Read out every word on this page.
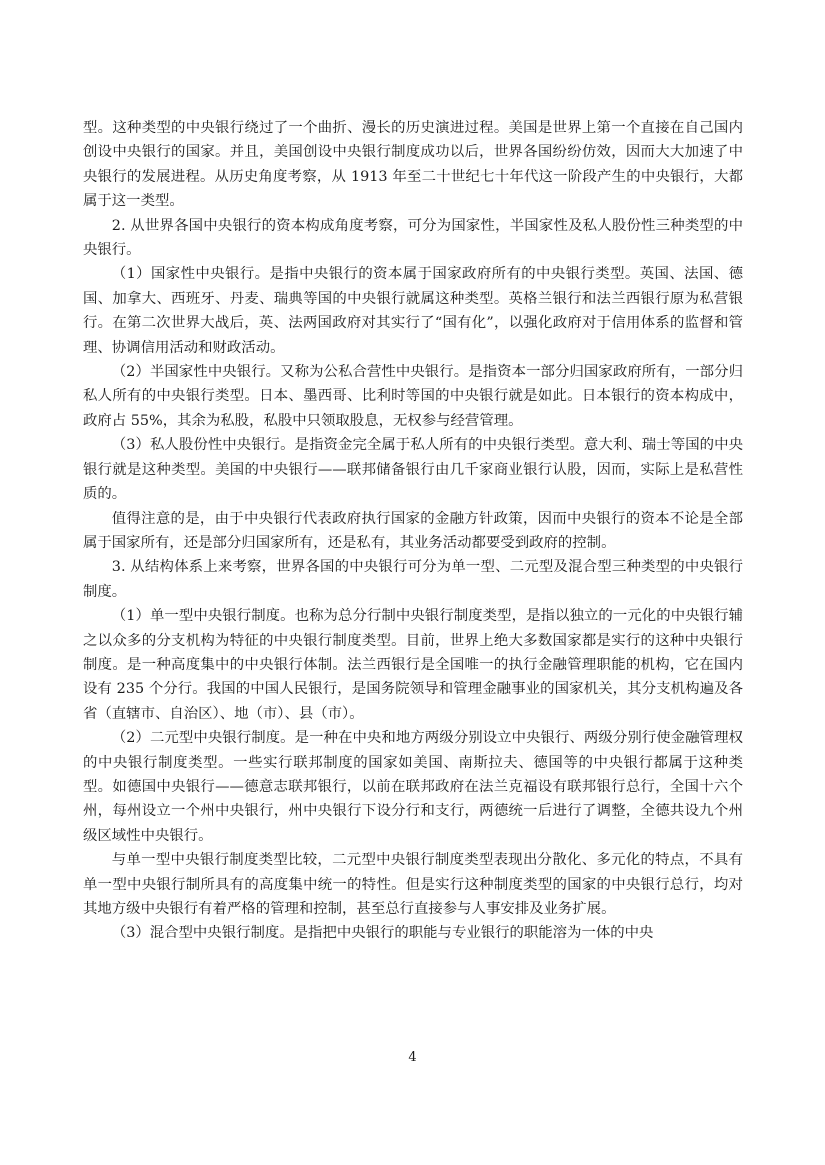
型。这种类型的中央银行绕过了一个曲折、漫长的历史演进过程。美国是世界上第一个直接在自己国内创设中央银行的国家。并且，美国创设中央银行制度成功以后，世界各国纷纷仿效，因而大大加速了中央银行的发展进程。从历史角度考察，从 1913 年至二十世纪七十年代这一阶段产生的中央银行，大都属于这一类型。

2. 从世界各国中央银行的资本构成角度考察，可分为国家性，半国家性及私人股份性三种类型的中央银行。

（1）国家性中央银行。是指中央银行的资本属于国家政府所有的中央银行类型。英国、法国、德国、加拿大、西班牙、丹麦、瑞典等国的中央银行就属这种类型。英格兰银行和法兰西银行原为私营银行。在第二次世界大战后，英、法两国政府对其实行了“国有化”，以强化政府对于信用体系的监督和管理、协调信用活动和财政活动。

（2）半国家性中央银行。又称为公私合营性中央银行。是指资本一部分归国家政府所有，一部分归私人所有的中央银行类型。日本、墨西哥、比利时等国的中央银行就是如此。日本银行的资本构成中，政府占 55%，其余为私股，私股中只领取股息，无权参与经营管理。

（3）私人股份性中央银行。是指资金完全属于私人所有的中央银行类型。意大利、瑞士等国的中央银行就是这种类型。美国的中央银行——联邦储备银行由几千家商业银行认股，因而，实际上是私营性质的。

值得注意的是，由于中央银行代表政府执行国家的金融方针政策，因而中央银行的资本不论是全部属于国家所有，还是部分归国家所有，还是私有，其业务活动都要受到政府的控制。

3. 从结构体系上来考察，世界各国的中央银行可分为单一型、二元型及混合型三种类型的中央银行制度。

（1）单一型中央银行制度。也称为总分行制中央银行制度类型，是指以独立的一元化的中央银行辅之以众多的分支机构为特征的中央银行制度类型。目前，世界上绝大多数国家都是实行的这种中央银行制度。是一种高度集中的中央银行体制。法兰西银行是全国唯一的执行金融管理职能的机构，它在国内设有 235 个分行。我国的中国人民银行，是国务院领导和管理金融事业的国家机关，其分支机构遍及各省（直辖市、自治区）、地（市）、县（市）。

（2）二元型中央银行制度。是一种在中央和地方两级分别设立中央银行、两级分别行使金融管理权的中央银行制度类型。一些实行联邦制度的国家如美国、南斯拉夫、德国等的中央银行都属于这种类型。如德国中央银行——德意志联邦银行，以前在联邦政府在法兰克福设有联邦银行总行，全国十六个州，每州设立一个州中央银行，州中央银行下设分行和支行，两德统一后进行了调整，全德共设九个州级区域性中央银行。

与单一型中央银行制度类型比较，二元型中央银行制度类型表现出分散化、多元化的特点，不具有单一型中央银行制所具有的高度集中统一的特性。但是实行这种制度类型的国家的中央银行总行，均对其地方级中央银行有着严格的管理和控制，甚至总行直接参与人事安排及业务扩展。

（3）混合型中央银行制度。是指把中央银行的职能与专业银行的职能溶为一体的中央

4
